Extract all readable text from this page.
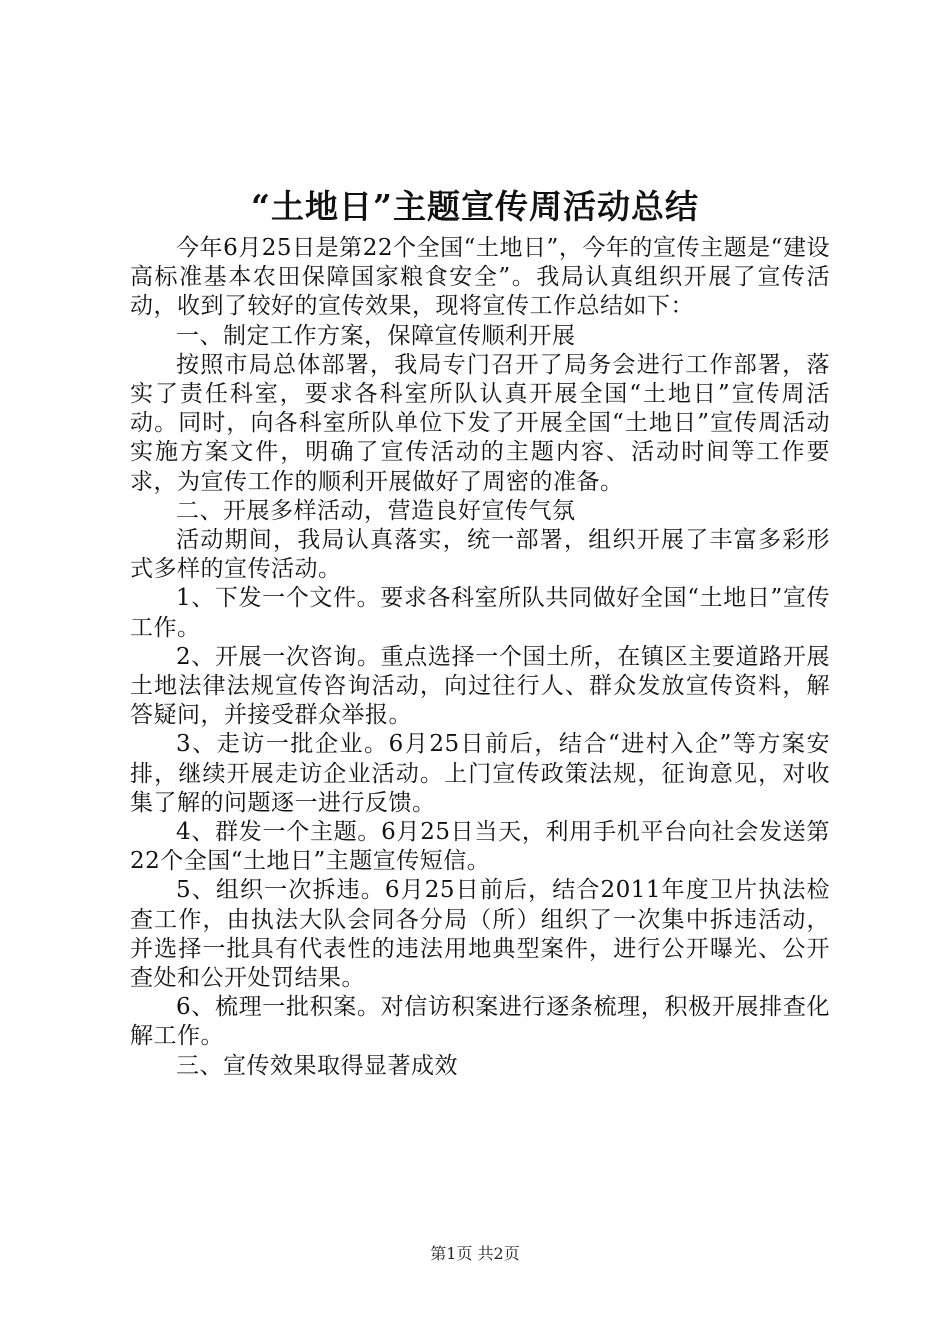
“土地日”主题宣传周活动总结

今年6月25日是第22个全国“土地日”，今年的宣传主题是“建设高标准基本农田保障国家粮食安全”。我局认真组织开展了宣传活动，收到了较好的宣传效果，现将宣传工作总结如下：

一、制定工作方案，保障宣传顺利开展

按照市局总体部署，我局专门召开了局务会进行工作部署，落实了责任科室，要求各科室所队认真开展全国“土地日”宣传周活动。同时，向各科室所队单位下发了开展全国“土地日”宣传周活动实施方案文件，明确了宣传活动的主题内容、活动时间等工作要求，为宣传工作的顺利开展做好了周密的准备。

二、开展多样活动，营造良好宣传气氛

活动期间，我局认真落实，统一部署，组织开展了丰富多彩形式多样的宣传活动。

1、下发一个文件。要求各科室所队共同做好全国“土地日”宣传工作。

2、开展一次咨询。重点选择一个国土所，在镇区主要道路开展土地法律法规宣传咨询活动，向过往行人、群众发放宣传资料，解答疑问，并接受群众举报。

3、走访一批企业。6月25日前后，结合“进村入企”等方案安排，继续开展走访企业活动。上门宣传政策法规，征询意见，对收集了解的问题逐一进行反馈。

4、群发一个主题。6月25日当天，利用手机平台向社会发送第22个全国“土地日”主题宣传短信。

5、组织一次拆违。6月25日前后，结合2011年度卫片执法检查工作，由执法大队会同各分局（所）组织了一次集中拆违活动，并选择一批具有代表性的违法用地典型案件，进行公开曝光、公开查处和公开处罚结果。

6、梳理一批积案。对信访积案进行逐条梳理，积极开展排查化解工作。

三、宣传效果取得显著成效

第1页 共2页
